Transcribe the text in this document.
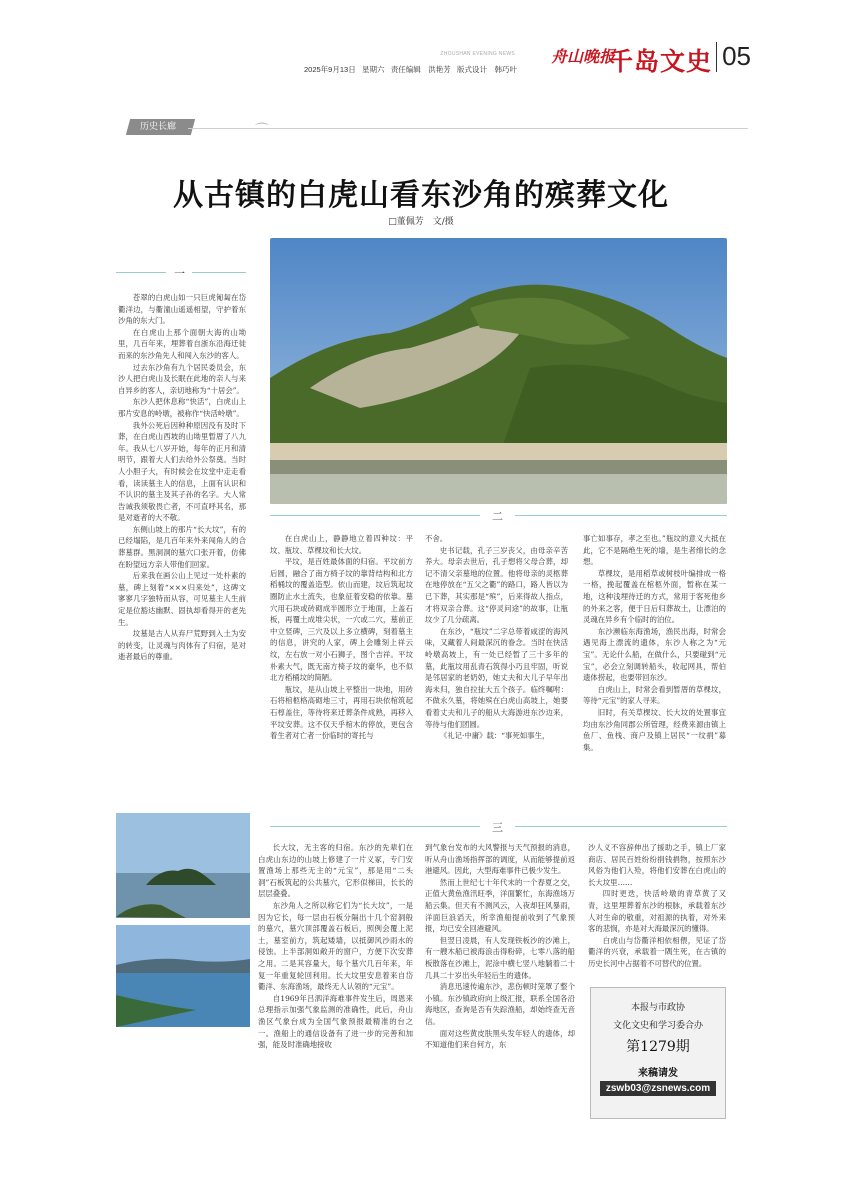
ZHOUSHAN EVENING NEWS
2025年9月13日 星期六 责任编辑　洪艳芳 版式设计　韩巧叶
舟山晚报
千岛文史 05
历史长廊	⌒
从古镇的白虎山看东沙角的殡葬文化
□董佩芳　文/摄
一

苍翠的白虎山如一只巨虎匍匐在岱衢洋边，与衢潼山遥遥相望，守护着东沙角的东大门。

在白虎山上那个面朝大海的山坳里，几百年来，埋葬着自浙东沿海迁徙而来的东沙角先人和闯入东沙的客人。

过去东沙角有九个居民委员会，东沙人把白虎山及长眠在此地的亲人与来自异乡的客人，亲切地称为“十居会”。

东沙人把休息称“快活”，白虎山上那片安息的岭墩，被称作“快活岭墩”。

我外公死后因种种原因没有及时下葬，在白虎山西坡的山坳里暂厝了八九年。我从七八岁开始，每年的正月和清明节，跟着大人们去给外公祭奠。当时人小胆子大，有时候会在坟堂中走走看看，读读墓主人的信息，上面有认识和不认识的墓主及其子孙的名字。大人常告诫我须敬畏亡者，不可直呼其名，那是对逝者的大不敬。

东侧山坡上的那片“长大坟”，有的已经塌陷，是几百年来外来闯角人的合葬墓群。黑洞洞的墓穴口张开着，仿佛在盼望远方亲人带他们回家。

后来我在画公山上见过一处朴素的墓，碑上刻着“×××归来处”，这碑文寥寥几字独特而从容，可见墓主人生前定是位豁达幽默、固执却看得开的老先生。

坟墓是古人从弃尸荒野到入土为安的转变，让灵魂与肉体有了归宿，是对逝者最后的尊重。

二

在白虎山上，静静地立着四种坟：平坟、瓶坟、草棵坟和长大坟。

平坟，是百姓最体面的归宿。平坟前方后圆，融合了南方椅子坟的靠背结构和北方稻桶坟的覆盖造型。依山而建，坟后筑起坟圈防止水土流失，也象征着安稳的依靠。墓穴用石块或砖砌成半圆形立于地面，上盖石板，再覆土成堆尖状，一穴或二穴，墓前正中立竖碑，三穴及以上多立横碑，刻着墓主的信息，讲究的人家，碑上会雕刻上祥云纹，左右放一对小石狮子，图个吉祥。平坟朴素大气，既无南方椅子坟的豪华，也不似北方稻桶坟的简陋。

瓶坟，是从山坡上平整出一块地，用砖石将棺柩格高砌地三寸，再用石块依棺筑起石椁盖住，等待将来迁葬条件成熟，再移入平坟安葬。这不仅天乎棺木的停放，更包含着生者对亡者一份临时的寄托与

不舍。

史书记载，孔子三岁丧父，由母亲辛苦养大。母亲去世后，孔子想将父母合葬，却记不清父亲墓地的位置。他将母亲的灵柩葬在地停放在“五父之衢”的路口，路人皆以为已下葬，其实那是“殡”，后来得故人指点，才将双亲合葬。这“停灵问途”的故事，让瓶坟少了几分疏离。

在东沙，“瓶坟”二字总带着咸涩的海风味，又藏着人间最深沉的眷念。当时在快活岭墩高坡上，有一处已经暂了三十多年的墓，此瓶坟用乱青石筑得小巧且牢固，听说是邻居家的老奶奶，她丈夫和大儿子早年出海未归，独自拉扯大五个孩子。临终嘱咐：不做永久墓，将她殡在白虎山高坡上，她要看着丈夫和儿子的船从大海游进东沙边来，等待与他们团圆。

《礼记·中庸》载：“事死如事生，

事亡如事存，孝之至也。”瓶坟的意义大抵在此，它不是隔绝生死的墙，是生者绵长的念想。

草棵坟，是用稻草或树枝叶编排成一格一格，挽起覆盖在棺柩外面，暂称在某一地，这种浅埋待迁的方式，常用于客死他乡的外来之客，便于日后归葬故土，让漂泊的灵魂在异乡有个临时的泊位。

东沙濒临东海渔场，渔民出海，时常会遇见海上漂流的遗体，东沙人称之为“元宝”。无论什么船，在做什么，只要碰到“元宝”，必会立刻调转船头，收起网具，帮伯遗体捞起，也要带回东沙。

白虎山上，时常会看到暂厝的草棵坟，等待“元宝”的家人寻来。

旧时，有关草棵坟、长大坟的处置事宜均由东沙角同郡公所管理，经费来源由镇上鱼厂、鱼栈、商户及镇上居民“一纹捐”募集。

三

长大坟，无主客的归宿。东沙的先辈们在白虎山东边的山坡上修建了一片义冢，专门安置渔场上那些无主的“元宝”，那是用“二头洞”石板筑起的公共墓穴，它形似梯田，长长的层层叠叠。

东沙角人之所以称它们为“长大坟”，一是因为它长，每一层由石板分隔出十几个窑洞般的墓穴，墓穴顶部覆盖石板后，照例会覆上泥土，墓室前方，筑起矮墙，以抵御风沙雨水的侵蚀。上半部洞如敞开的窗户，方便下次安葬之用。二是其容量大，每个墓穴几百年来，年复一年重复轮回利用。长大坟里安息着来自岱衢洋、东海渔场，最终无人认领的“元宝”。

自1969年吕泗洋海难事件发生后，周恩来总理指示加强气象监测的准确性，此后，舟山渔区气象台成为全国气象预报最精准的台之一。渔船上的通信设备有了进一步的完善和加强，能及时准确地接收

到气象台发布的大风警报与天气预报的消息，听从舟山渔场指挥部的调度，从而能够提前返港避风。因此，大型海难事件已极少发生。

然而上世纪七十年代末的一个春夏之交，正值大黄鱼渔汛旺季，洋面繁忙，东海渔场万船云集。但天有不测风云，入夜却狂风暴雨，洋面巨浪滔天，所幸渔船提前收到了气象预报，均已安全回港避风。

但翌日凌晨，有人发现铁板沙的沙滩上，有一艘木船已被海浪击得粉碎，七零八落的船板散落在沙滩上，泥涂中横七竖八地躺着二十几具二十岁出头年轻后生的遗体。

消息迅速传遍东沙，悲伤顿时笼罩了整个小镇。东沙镇政府向上级汇报，联系全国各沿海地区，查询是否有失踪渔船，却始终查无音信。

面对这些黄皮肤黑头发年轻人的遗体，却不知道他们来自何方，东

沙人义不容辞伸出了援助之手，镇上厂家商店、居民百姓纷纷捐钱捐物，按照东沙风俗为他们入殓，将他们安葬在白虎山的长大坟里……

四时更迭，快活岭墩的青草黄了又青，这里埋葬着东沙的根脉，承载着东沙人对生命的敬重，对祖源的执着，对外来客的悲悯，亦是对大海最深沉的懂得。

白虎山与岱衢洋相依相偎，见证了岱衢洋的兴衰，承载着一隅生死，在古镇的历史长河中占据着不可替代的位置。

本报与市政协
文化文史和学习委合办
第1279期
来稿请发
zswb03@zsnews.com
